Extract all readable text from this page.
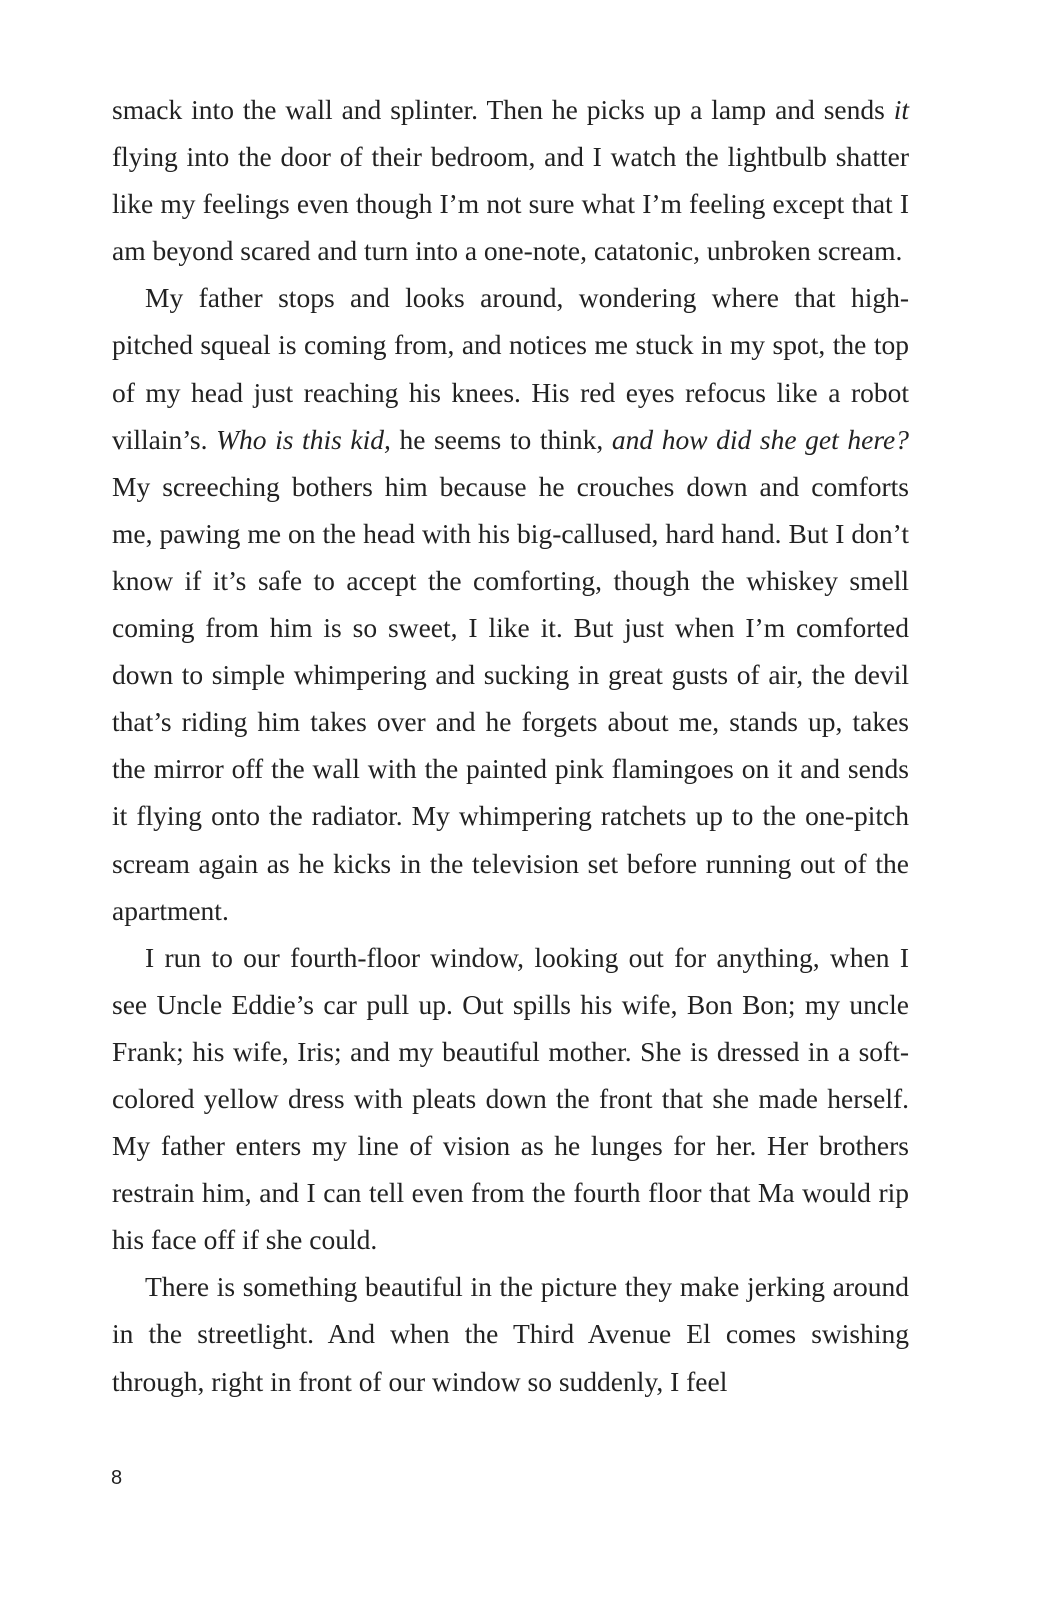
smack into the wall and splinter. Then he picks up a lamp and sends it flying into the door of their bedroom, and I watch the lightbulb shatter like my feelings even though I’m not sure what I’m feeling except that I am beyond scared and turn into a one-note, catatonic, unbroken scream.

My father stops and looks around, wondering where that high-pitched squeal is coming from, and notices me stuck in my spot, the top of my head just reaching his knees. His red eyes refocus like a robot villain’s. Who is this kid, he seems to think, and how did she get here? My screeching bothers him because he crouches down and comforts me, pawing me on the head with his big-callused, hard hand. But I don’t know if it’s safe to accept the comforting, though the whiskey smell coming from him is so sweet, I like it. But just when I’m comforted down to simple whimpering and sucking in great gusts of air, the devil that’s riding him takes over and he forgets about me, stands up, takes the mirror off the wall with the painted pink flamingoes on it and sends it flying onto the radiator. My whimpering ratchets up to the one-pitch scream again as he kicks in the television set before running out of the apartment.

I run to our fourth-floor window, looking out for anything, when I see Uncle Eddie’s car pull up. Out spills his wife, Bon Bon; my uncle Frank; his wife, Iris; and my beautiful mother. She is dressed in a soft-colored yellow dress with pleats down the front that she made herself. My father enters my line of vision as he lunges for her. Her brothers restrain him, and I can tell even from the fourth floor that Ma would rip his face off if she could.

There is something beautiful in the picture they make jerking around in the streetlight. And when the Third Avenue El comes swishing through, right in front of our window so suddenly, I feel

8
